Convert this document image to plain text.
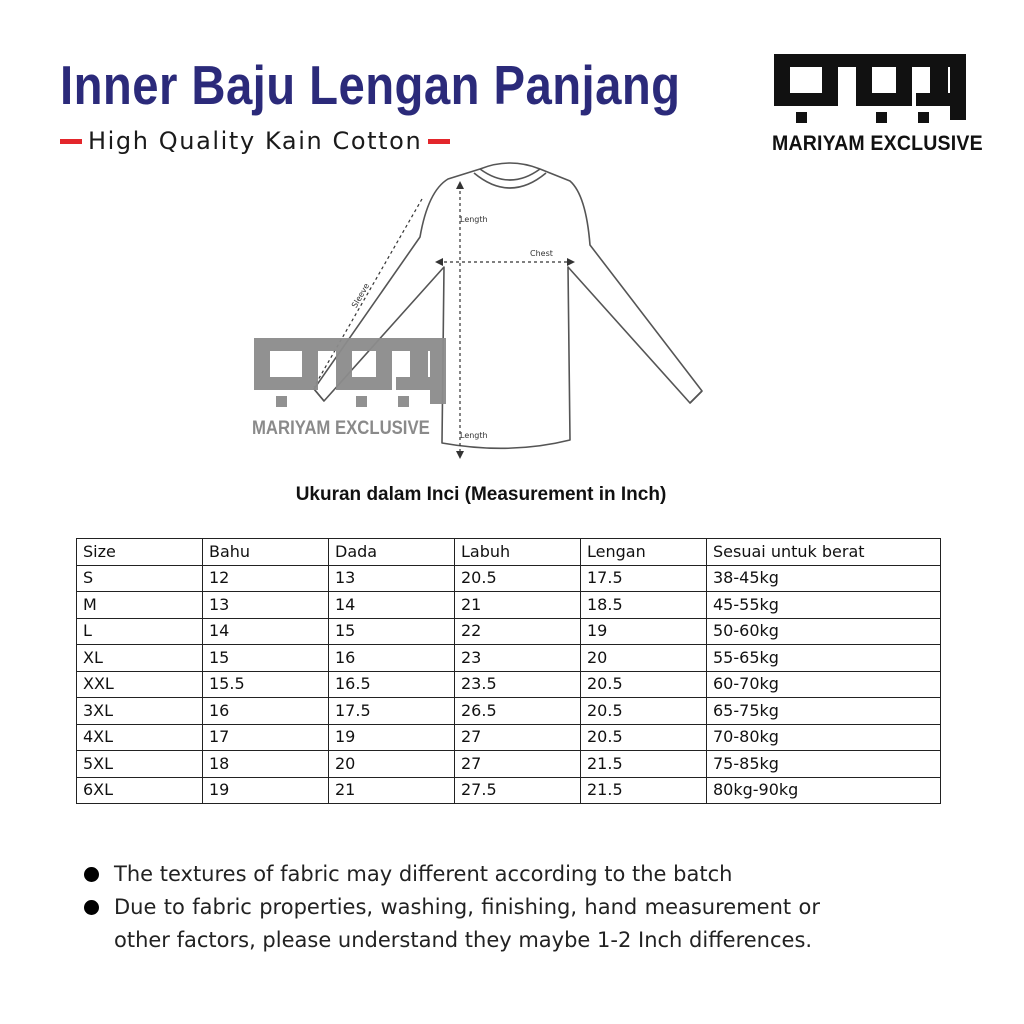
Inner Baju Lengan Panjang
High Quality Kain Cotton	MARIYAM EXCLUSIVE
Length
Chest
Sleeve
Length
MARIYAM EXCLUSIVE
Ukuran dalam Inci (Measurement in Inch)
Size	Bahu	Dada	Labuh	Lengan	Sesuai untuk berat
S	12	13	20.5	17.5	38-45kg
M	13	14	21	18.5	45-55kg
L	14	15	22	19	50-60kg
XL	15	16	23	20	55-65kg
XXL	15.5	16.5	23.5	20.5	60-70kg
3XL	16	17.5	26.5	20.5	65-75kg
4XL	17	19	27	20.5	70-80kg
5XL	18	20	27	21.5	75-85kg
6XL	19	21	27.5	21.5	80kg-90kg
The textures of fabric may different according to the batch
Due to fabric properties, washing, finishing, hand measurement or other factors, please understand they maybe 1-2 Inch differences.
